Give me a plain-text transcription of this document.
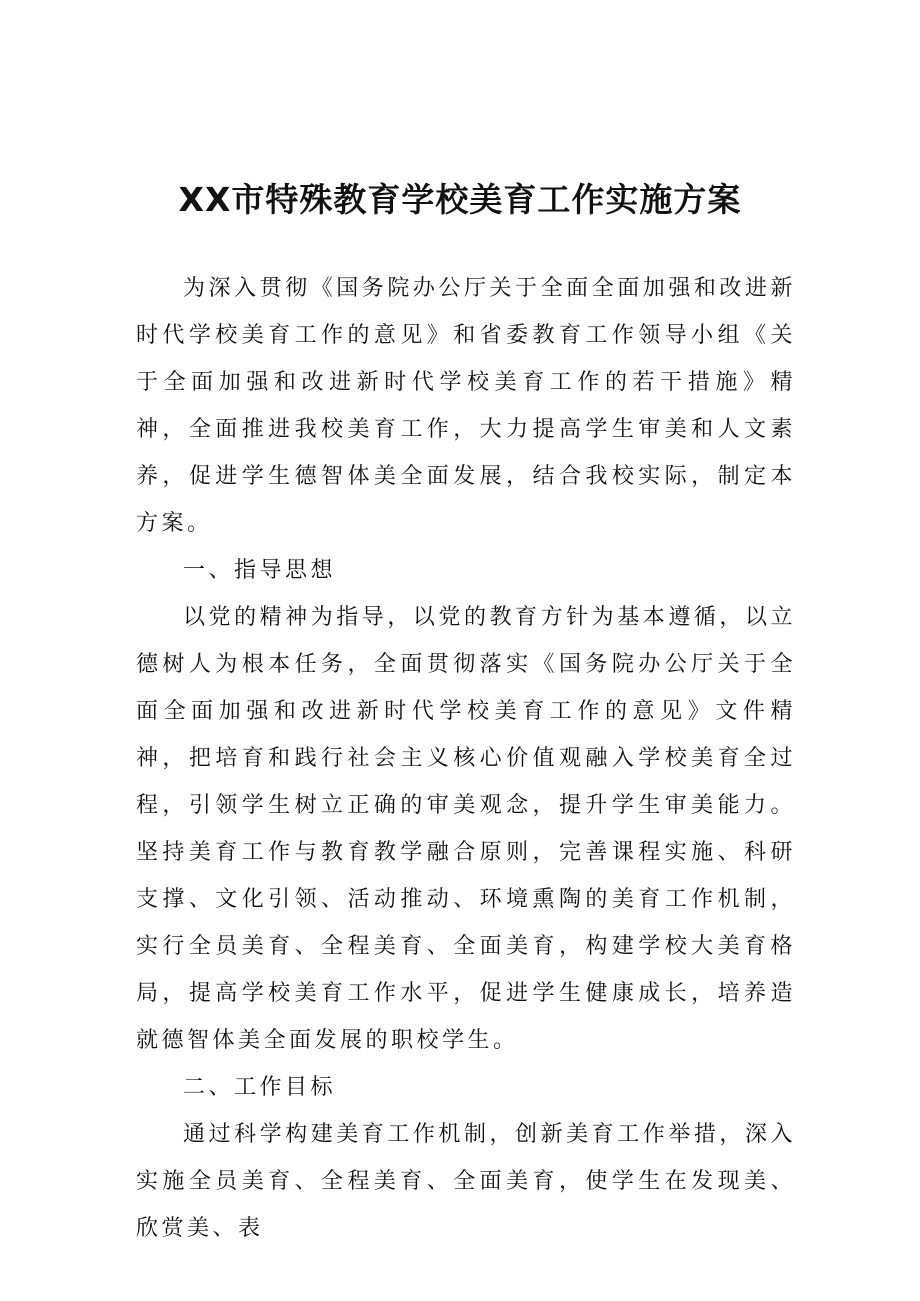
XX市特殊教育学校美育工作实施方案

为深入贯彻《国务院办公厅关于全面全面加强和改进新时代学校美育工作的意见》和省委教育工作领导小组《关于全面加强和改进新时代学校美育工作的若干措施》精神，全面推进我校美育工作，大力提高学生审美和人文素养，促进学生德智体美全面发展，结合我校实际，制定本方案。

一、指导思想

以党的精神为指导，以党的教育方针为基本遵循，以立德树人为根本任务，全面贯彻落实《国务院办公厅关于全面全面加强和改进新时代学校美育工作的意见》文件精神，把培育和践行社会主义核心价值观融入学校美育全过程，引领学生树立正确的审美观念，提升学生审美能力。坚持美育工作与教育教学融合原则，完善课程实施、科研支撑、文化引领、活动推动、环境熏陶的美育工作机制，实行全员美育、全程美育、全面美育，构建学校大美育格局，提高学校美育工作水平，促进学生健康成长，培养造就德智体美全面发展的职校学生。

二、工作目标

通过科学构建美育工作机制，创新美育工作举措，深入实施全员美育、全程美育、全面美育，使学生在发现美、欣赏美、表
